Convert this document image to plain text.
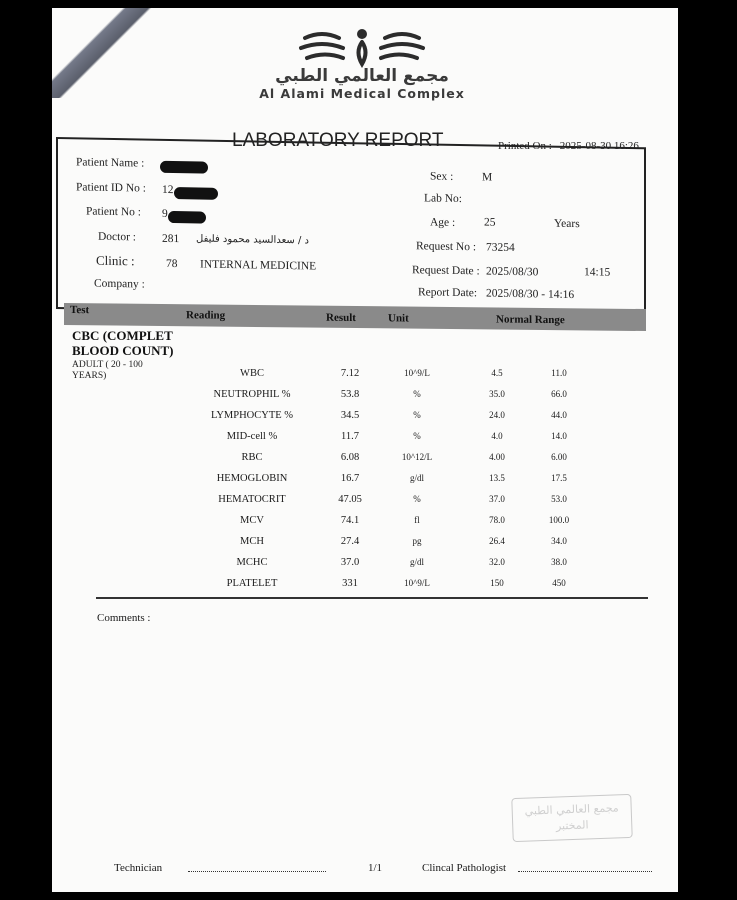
مجمع العالمي الطبي
Al Alami Medical Complex
LABORATORY REPORT	Printed On : 2025-08-30 16:26
Patient Name :
Patient ID No : 12
Patient No : 9
Doctor : 281 د / سعدالسيد محمود فليفل
Clinic :	78 INTERNAL MEDICINE
Company :
Sex : M
Lab No:
Age :	25	Years
Request No : 73254
Request Date : 2025/08/30	14:15
Report Date: 2025/08/30 - 14:16
Test	Reading	Result	Unit	Normal Range
CBC (COMPLET
BLOOD COUNT)
ADULT ( 20 - 100
YEARS)	WBC	7.12	10^9/L	4.5	11.0
NEUTROPHIL %	53.8	%	35.0	66.0
LYMPHOCYTE %	34.5	%	24.0	44.0
MID-cell %	11.7	%	4.0	14.0
RBC	6.08	10^12/L	4.00	6.00
HEMOGLOBIN	16.7	g/dl	13.5	17.5
HEMATOCRIT	47.05	%	37.0	53.0
MCV	74.1	fl	78.0	100.0
MCH	27.4	pg	26.4	34.0
MCHC	37.0	g/dl	32.0	38.0
PLATELET	331	10^9/L	150	450
Comments :
مجمع العالمي الطبي
المختبر
Technician	1/1	Clincal Pathologist
